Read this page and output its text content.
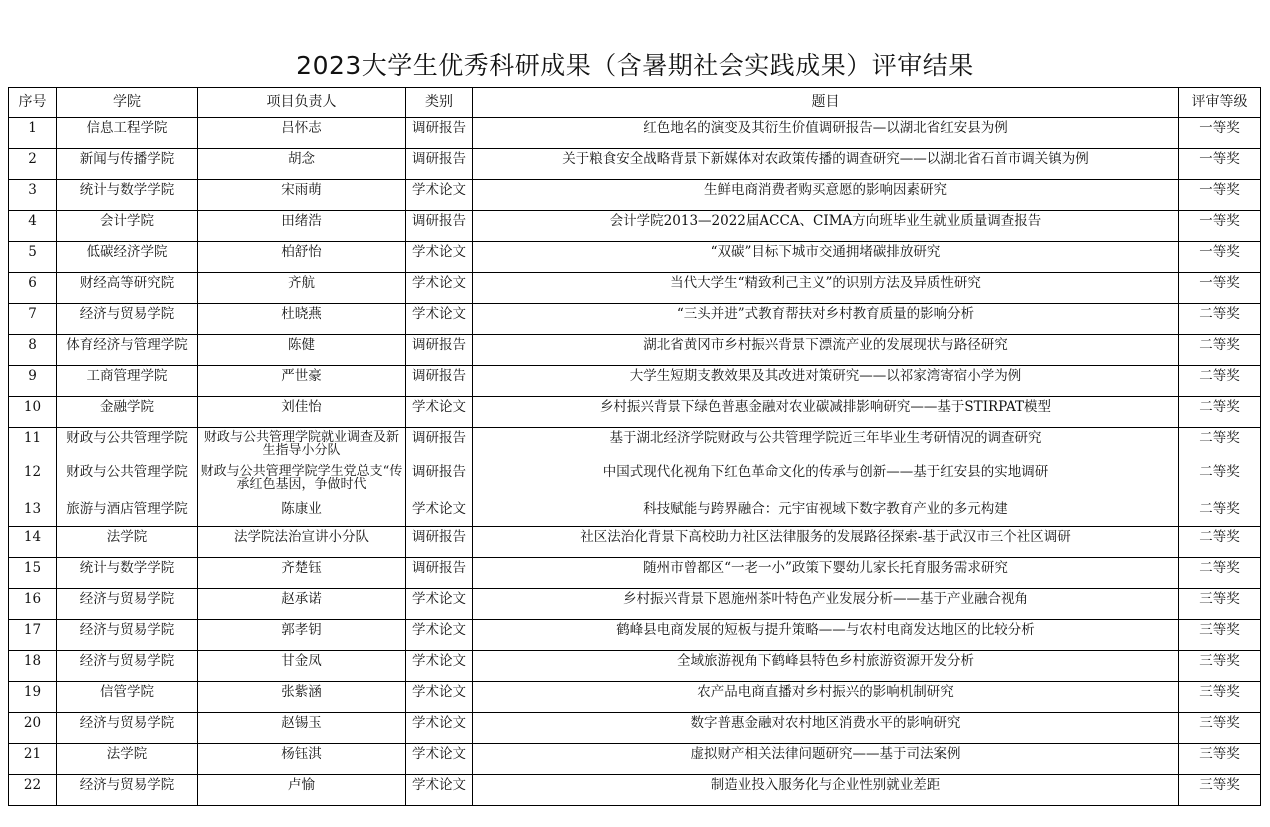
2023大学生优秀科研成果（含暑期社会实践成果）评审结果
序号	学院	项目负责人	类别	题目	评审等级
1	信息工程学院	吕怀志	调研报告	红色地名的演变及其衍生价值调研报告—以湖北省红安县为例	一等奖
2	新闻与传播学院	胡念	调研报告	关于粮食安全战略背景下新媒体对农政策传播的调查研究——以湖北省石首市调关镇为例	一等奖
3	统计与数学学院	宋雨萌	学术论文	生鲜电商消费者购买意愿的影响因素研究	一等奖
4	会计学院	田绪浩	调研报告	会计学院2013—2022届ACCA、CIMA方向班毕业生就业质量调查报告	一等奖
5	低碳经济学院	柏舒怡	学术论文	“双碳”目标下城市交通拥堵碳排放研究	一等奖
6	财经高等研究院	齐航	学术论文	当代大学生“精致利己主义”的识别方法及异质性研究	一等奖
7	经济与贸易学院	杜晓燕	学术论文	“三头并进”式教育帮扶对乡村教育质量的影响分析	二等奖
8	体育经济与管理学院	陈健	调研报告	湖北省黄冈市乡村振兴背景下漂流产业的发展现状与路径研究	二等奖
9	工商管理学院	严世豪	调研报告	大学生短期支教效果及其改进对策研究——以祁家湾寄宿小学为例	二等奖
10	金融学院	刘佳怡	学术论文	乡村振兴背景下绿色普惠金融对农业碳减排影响研究——基于STIRPAT模型	二等奖
11	财政与公共管理学院	财政与公共管理学院就业调查及新生指导小分队	调研报告	基于湖北经济学院财政与公共管理学院近三年毕业生考研情况的调查研究	二等奖
12	财政与公共管理学院	财政与公共管理学院学生党总支“传承红色基因，争做时代	调研报告	中国式现代化视角下红色革命文化的传承与创新——基于红安县的实地调研	二等奖
13	旅游与酒店管理学院	陈康业	学术论文	科技赋能与跨界融合：元宇宙视域下数字教育产业的多元构建	二等奖
14	法学院	法学院法治宣讲小分队	调研报告	社区法治化背景下高校助力社区法律服务的发展路径探索-基于武汉市三个社区调研	二等奖
15	统计与数学学院	齐楚钰	调研报告	随州市曾都区“一老一小”政策下婴幼儿家长托育服务需求研究	二等奖
16	经济与贸易学院	赵承诺	学术论文	乡村振兴背景下恩施州茶叶特色产业发展分析——基于产业融合视角	三等奖
17	经济与贸易学院	郭孝钥	学术论文	鹤峰县电商发展的短板与提升策略——与农村电商发达地区的比较分析	三等奖
18	经济与贸易学院	甘金凤	学术论文	全域旅游视角下鹤峰县特色乡村旅游资源开发分析	三等奖
19	信管学院	张紫涵	学术论文	农产品电商直播对乡村振兴的影响机制研究	三等奖
20	经济与贸易学院	赵锡玉	学术论文	数字普惠金融对农村地区消费水平的影响研究	三等奖
21	法学院	杨钰淇	学术论文	虚拟财产相关法律问题研究——基于司法案例	三等奖
22	经济与贸易学院	卢愉	学术论文	制造业投入服务化与企业性别就业差距	三等奖
